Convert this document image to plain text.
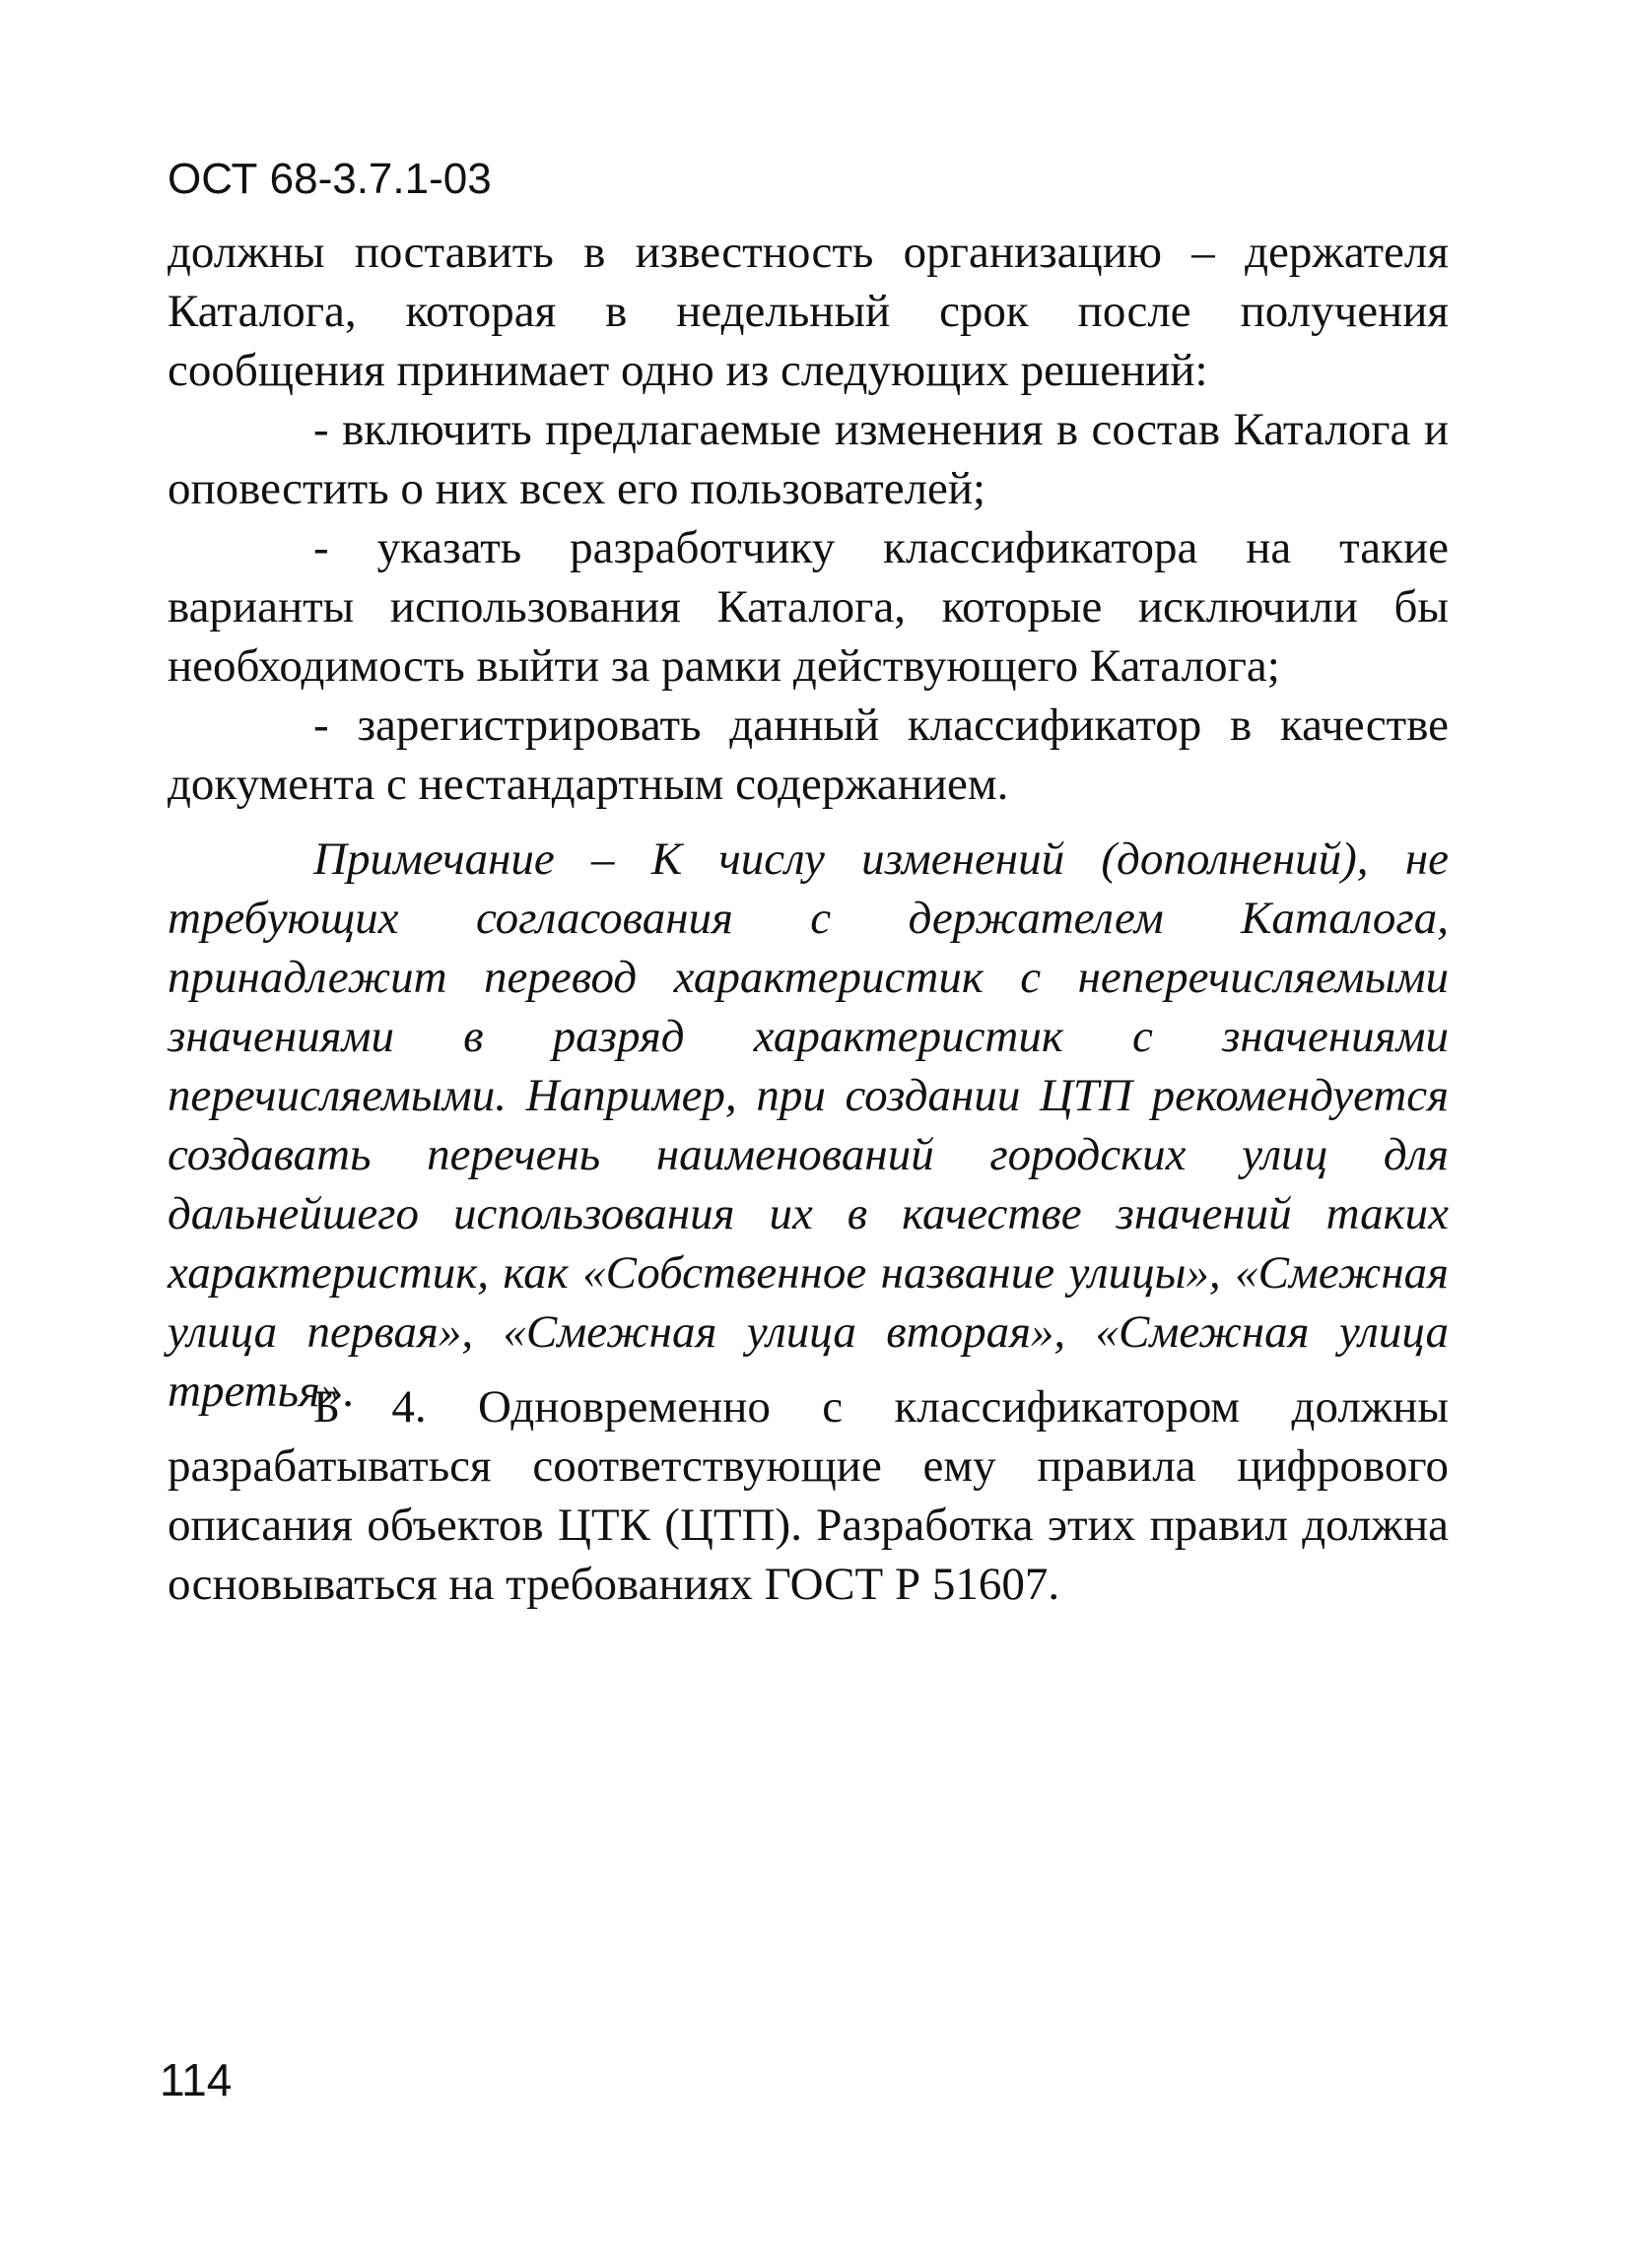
ОСТ 68-3.7.1-03

должны поставить в известность организацию – держателя Каталога, которая в недельный срок после получения сообщения принимает одно из следующих решений:

- включить предлагаемые изменения в состав Каталога и оповестить о них всех его пользователей;

- указать разработчику классификатора на такие варианты использования Каталога, которые исключили бы необходимость выйти за рамки действующего Каталога;

- зарегистрировать данный классификатор в качестве документа с нестандартным содержанием.

Примечание – К числу изменений (дополнений), не требующих согласования с держателем Каталога, принадлежит перевод характеристик с неперечисляемыми значениями в разряд характеристик с значениями перечисляемыми. Например, при создании ЦТП рекомендуется создавать перечень наименований городских улиц для дальнейшего использования их в качестве значений таких характеристик, как «Собственное название улицы», «Смежная улица первая», «Смежная улица вторая», «Смежная улица третья».

Б 4. Одновременно с классификатором должны разрабатываться соответствующие ему правила цифрового описания объектов ЦТК (ЦТП). Разработка этих правил должна основываться на требованиях ГОСТ Р 51607.

114
